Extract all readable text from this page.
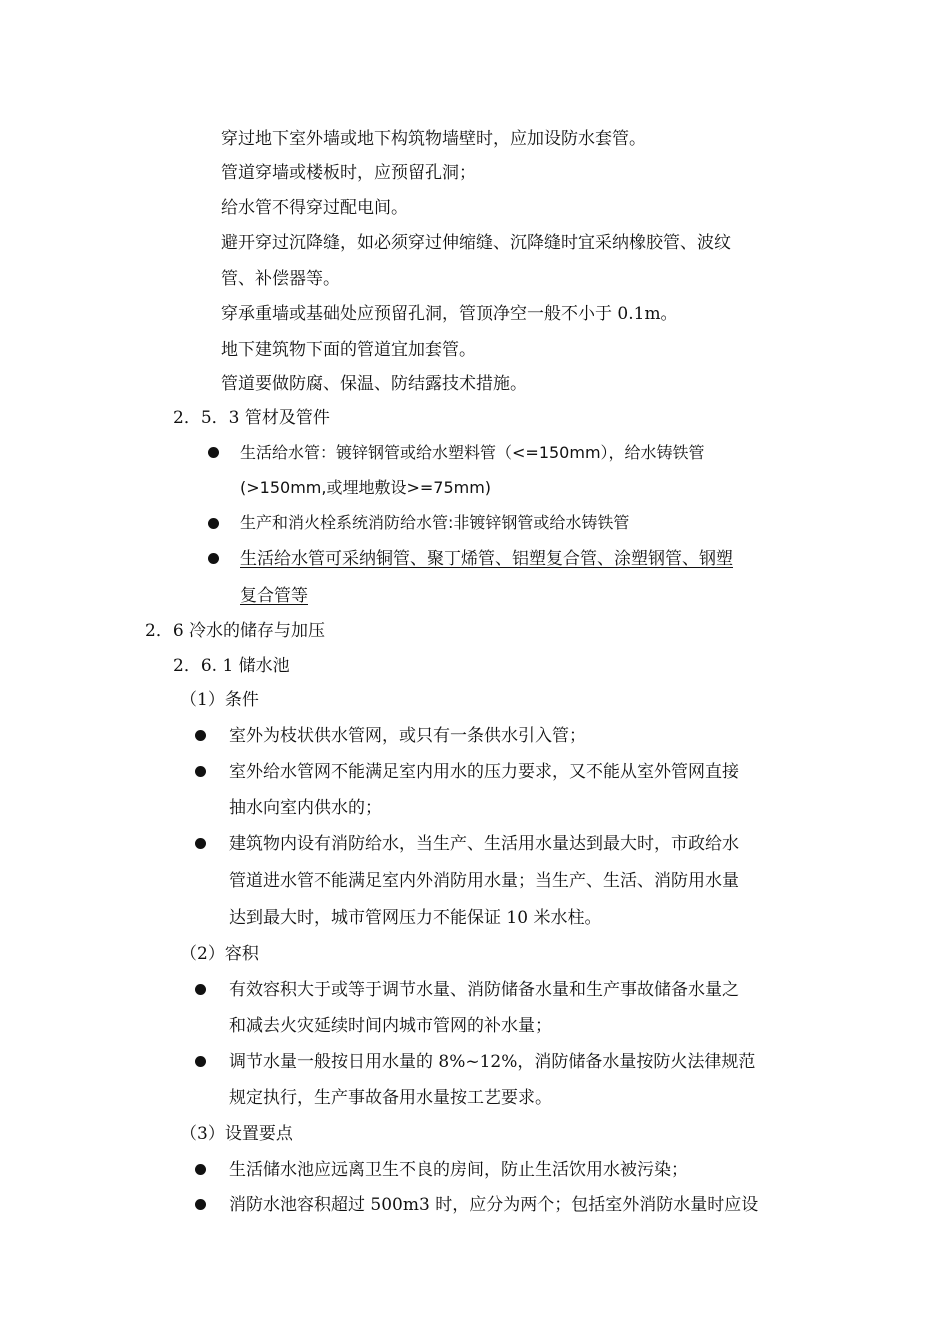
穿过地下室外墙或地下构筑物墙壁时，应加设防水套管。
管道穿墙或楼板时，应预留孔洞；
给水管不得穿过配电间。
避开穿过沉降缝，如必须穿过伸缩缝、沉降缝时宜采纳橡胶管、波纹
管、补偿器等。
穿承重墙或基础处应预留孔洞，管顶净空一般不小于 0.1m。
地下建筑物下面的管道宜加套管。
管道要做防腐、保温、防结露技术措施。
2．5．3 管材及管件
生活给水管：镀锌钢管或给水塑料管（<=150mm），给水铸铁管
(>150mm,或埋地敷设>=75mm)
生产和消火栓系统消防给水管:非镀锌钢管或给水铸铁管
生活给水管可采纳铜管、聚丁烯管、铝塑复合管、涂塑钢管、钢塑
复合管等
2．6 冷水的储存与加压
2．6. 1 储水池
（1）条件
室外为枝状供水管网，或只有一条供水引入管；
室外给水管网不能满足室内用水的压力要求，又不能从室外管网直接
抽水向室内供水的；
建筑物内设有消防给水，当生产、生活用水量达到最大时，市政给水
管道进水管不能满足室内外消防用水量；当生产、生活、消防用水量
达到最大时，城市管网压力不能保证 10 米水柱。
（2）容积
有效容积大于或等于调节水量、消防储备水量和生产事故储备水量之
和减去火灾延续时间内城市管网的补水量；
调节水量一般按日用水量的 8%~12%，消防储备水量按防火法律规范
规定执行，生产事故备用水量按工艺要求。
（3）设置要点
生活储水池应远离卫生不良的房间，防止生活饮用水被污染；
消防水池容积超过 500m3 时，应分为两个；包括室外消防水量时应设
